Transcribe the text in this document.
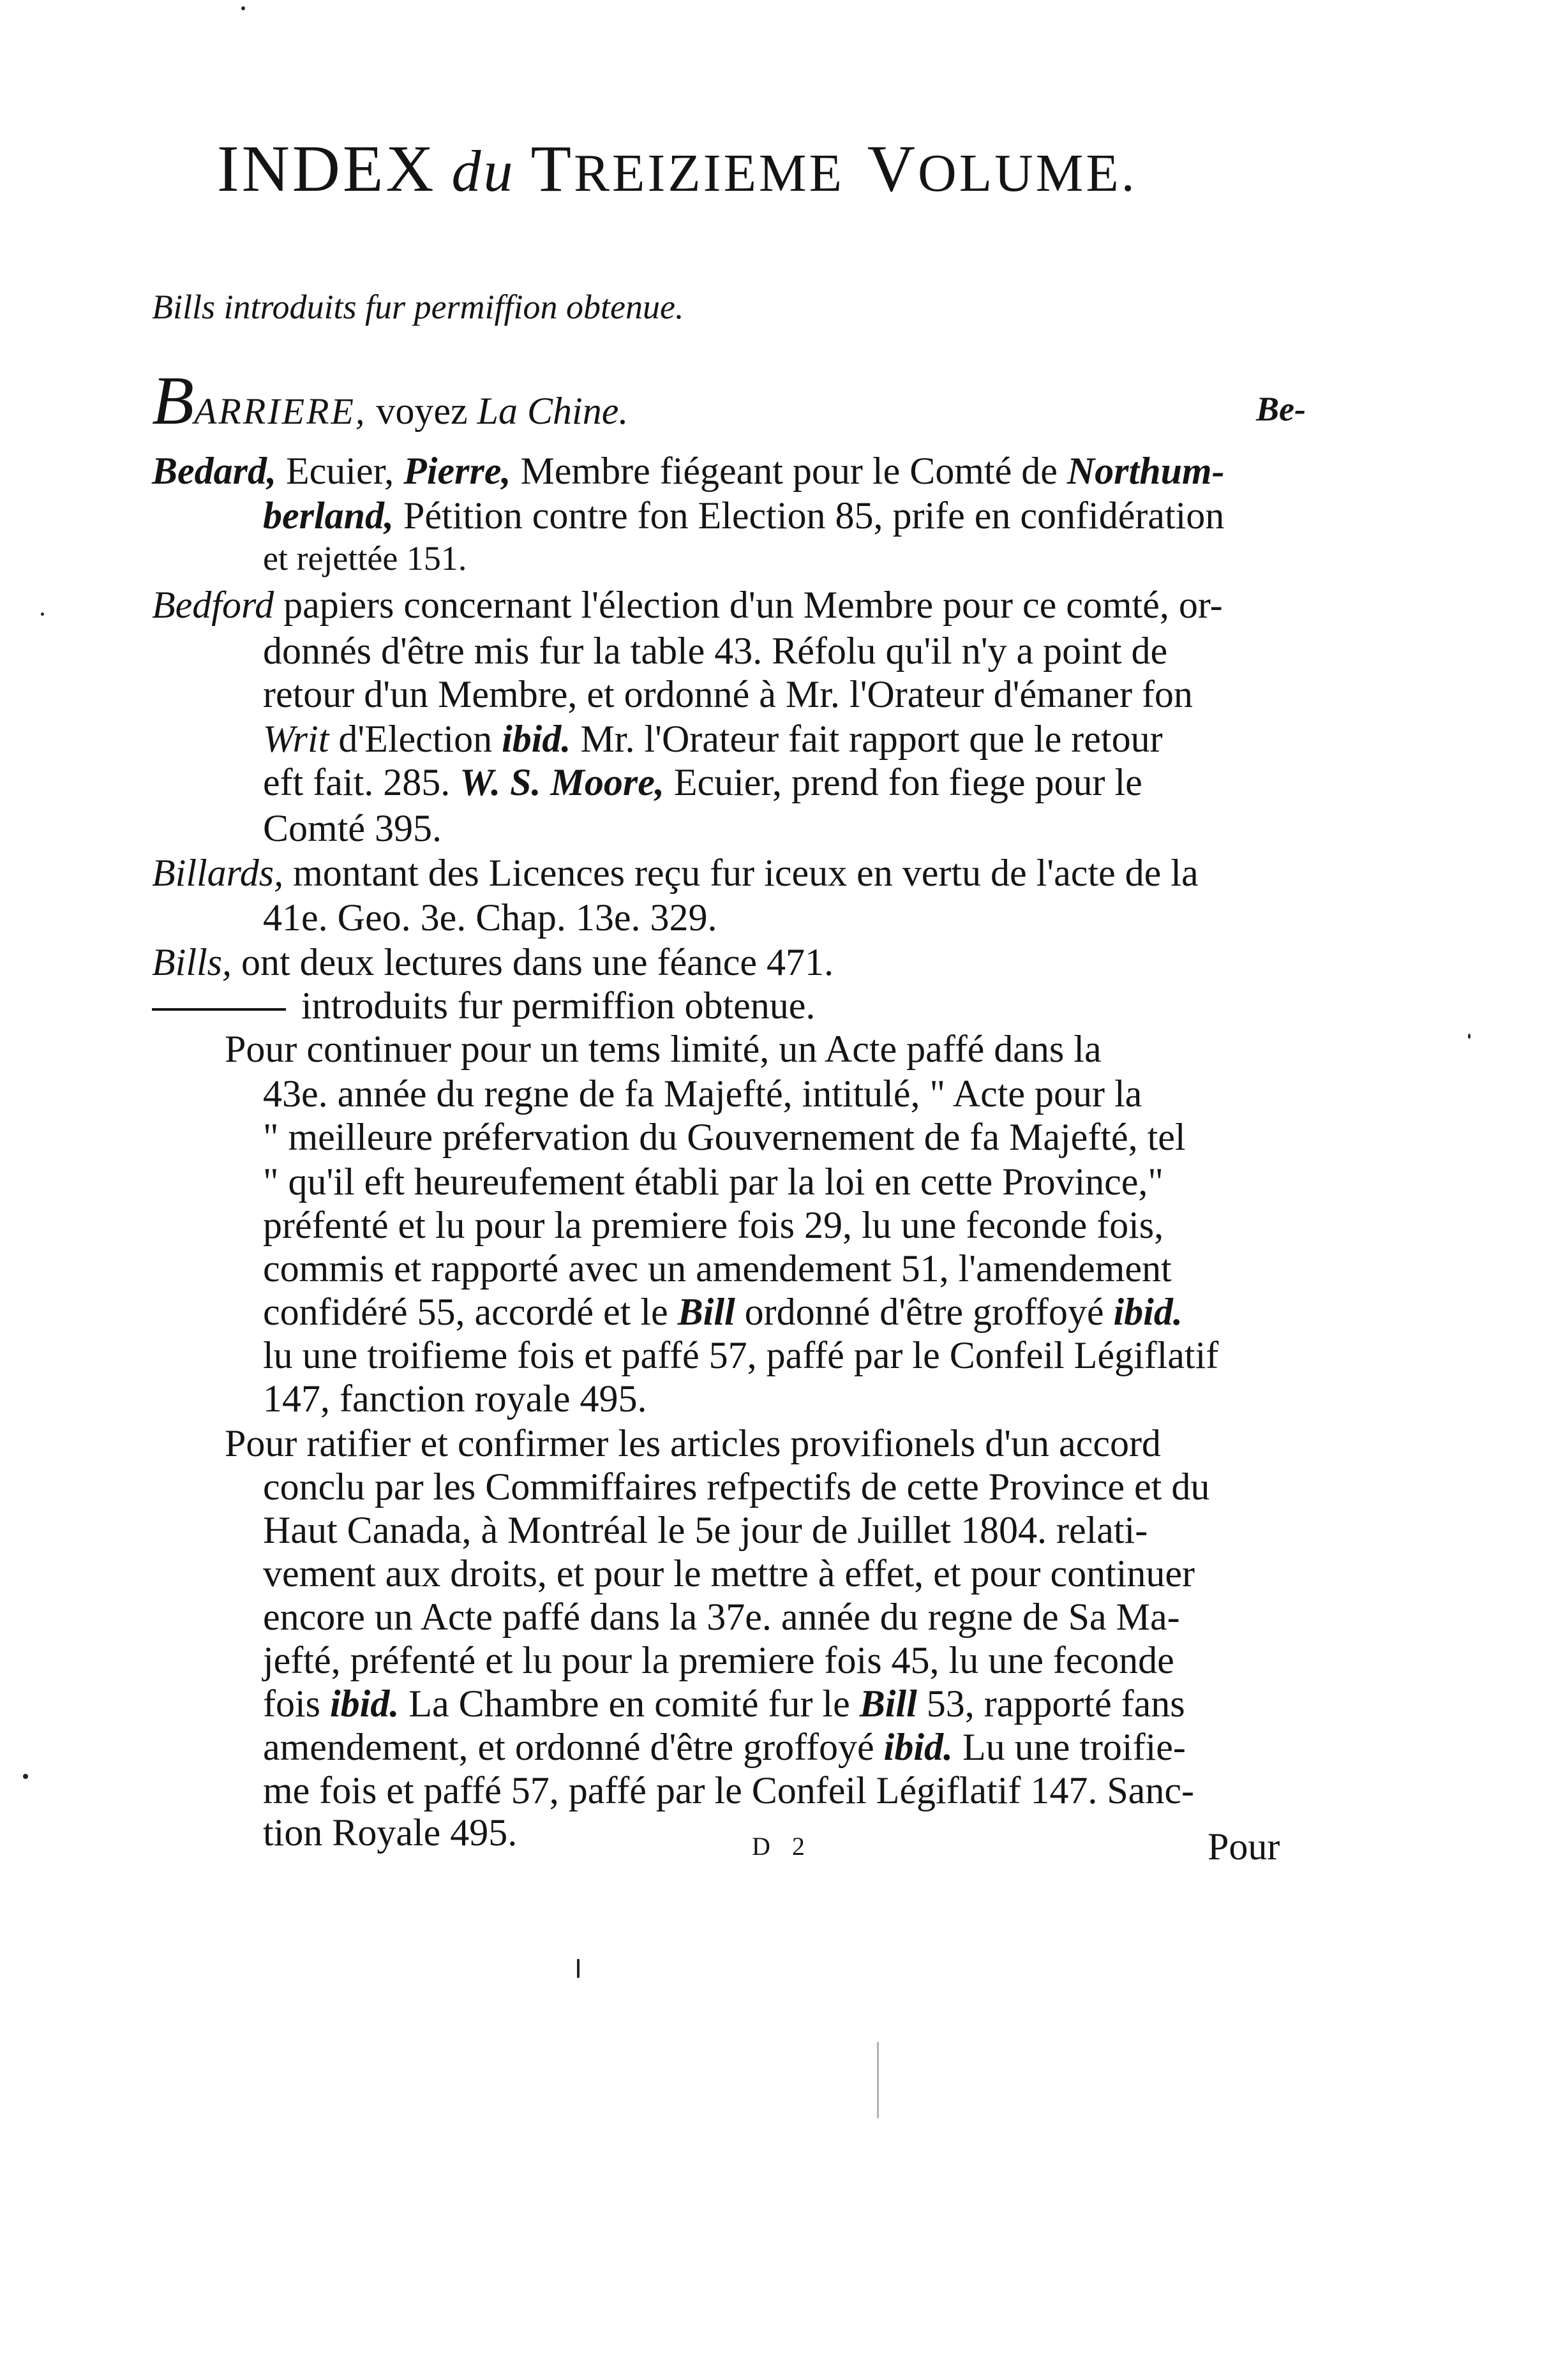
INDEX du TREIZIEME VOLUME.
Bills introduits fur permiffion obtenue.
BARRIERE, voyez La Chine.	Be-
Bedard, Ecuier, Pierre, Membre fiégeant pour le Comté de Northum-
berland, Pétition contre fon Election 85, prife en confidération
et rejettée 151.
Bedford papiers concernant l'élection d'un Membre pour ce comté, or-
donnés d'être mis fur la table 43. Réfolu qu'il n'y a point de
retour d'un Membre, et ordonné à Mr. l'Orateur d'émaner fon
Writ d'Election ibid. Mr. l'Orateur fait rapport que le retour
eft fait. 285. W. S. Moore, Ecuier, prend fon fiege pour le
Comté 395.
Billards, montant des Licences reçu fur iceux en vertu de l'acte de la
41e. Geo. 3e. Chap. 13e. 329.
Bills, ont deux lectures dans une féance 471.
introduits fur permiffion obtenue.
Pour continuer pour un tems limité, un Acte paffé dans la
43e. année du regne de fa Majefté, intitulé, " Acte pour la
" meilleure préfervation du Gouvernement de fa Majefté, tel
" qu'il eft heureufement établi par la loi en cette Province,"
préfenté et lu pour la premiere fois 29, lu une feconde fois,
commis et rapporté avec un amendement 51, l'amendement
confidéré 55, accordé et le Bill ordonné d'être groffoyé ibid.
lu une troifieme fois et paffé 57, paffé par le Confeil Légiflatif
147, fanction royale 495.
Pour ratifier et confirmer les articles provifionels d'un accord
conclu par les Commiffaires refpectifs de cette Province et du
Haut Canada, à Montréal le 5e jour de Juillet 1804. relati-
vement aux droits, et pour le mettre à effet, et pour continuer
encore un Acte paffé dans la 37e. année du regne de Sa Ma-
jefté, préfenté et lu pour la premiere fois 45, lu une feconde
fois ibid. La Chambre en comité fur le Bill 53, rapporté fans
amendement, et ordonné d'être groffoyé ibid. Lu une troifie-
me fois et paffé 57, paffé par le Confeil Légiflatif 147. Sanc-
tion Royale 495.	D 2	Pour
